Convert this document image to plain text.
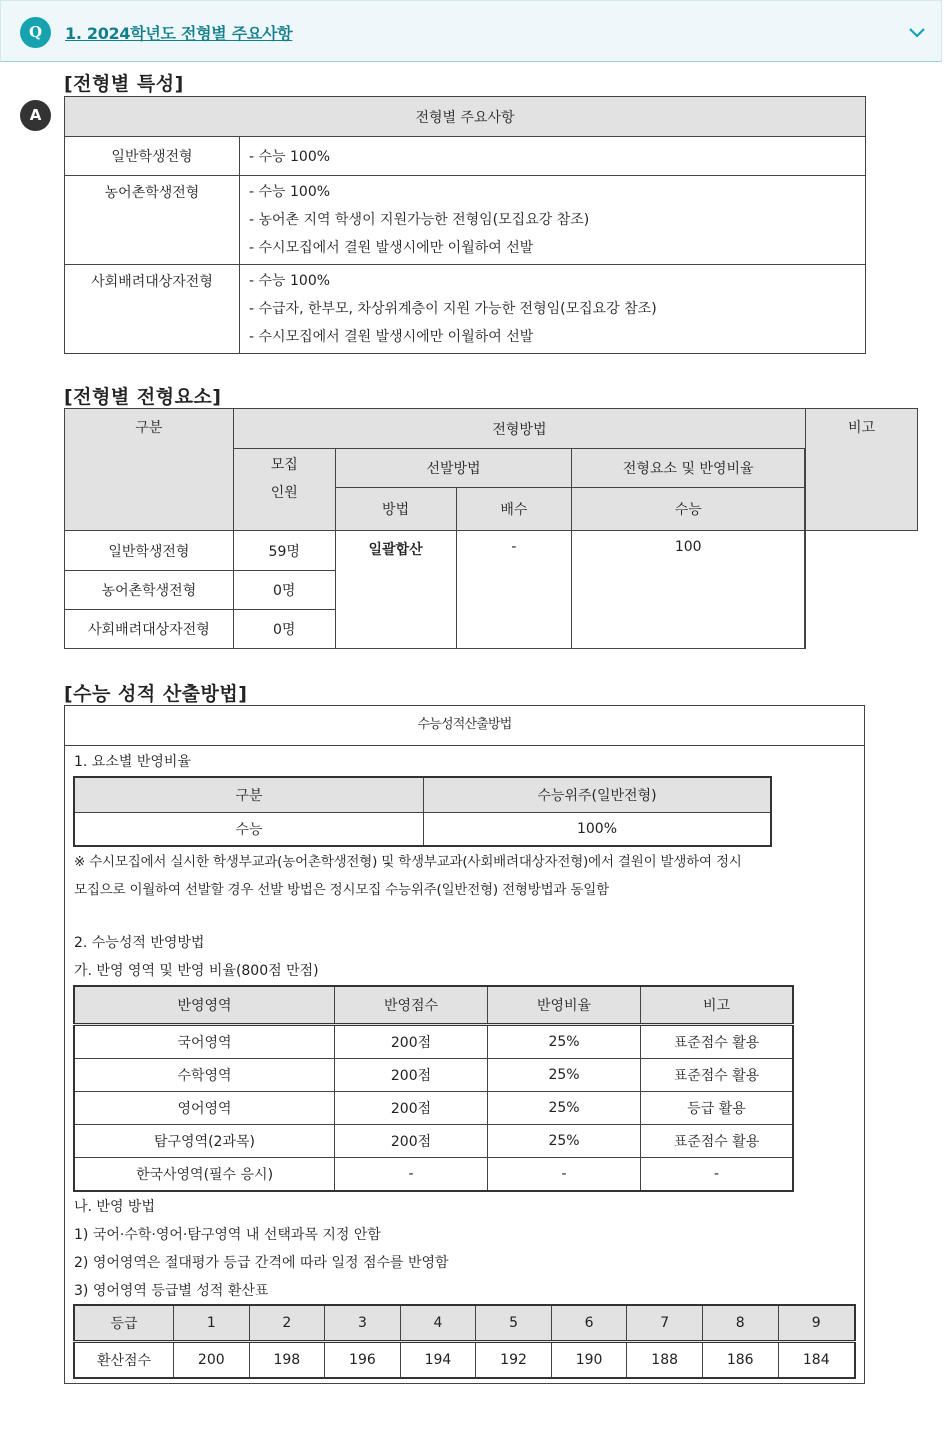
Q	1. 2024학년도 전형별 주요사항
A
[전형별 특성]
전형별 주요사항	
일반학생전형	- 수능 100%
농어촌학생전형	- 수능 100%
- 농어촌 지역 학생이 지원가능한 전형임(모집요강 참조)
- 수시모집에서 결원 발생시에만 이월하여 선발

사회배려대상자전형	- 수능 100%
- 수급자, 한부모, 차상위계층이 지원 가능한 전형임(모집요강 참조)
- 수시모집에서 결원 발생시에만 이월하여 선발
[전형별 전형요소]
구분	전형방법				비고

	모집
인원	선발방법		전형요소 및 반영비율	
		방법	배수	수능	
일반학생전형	59명	일괄합산	-	100	
농어촌학생전형	0명				
사회배려대상자전형	0명				
[수능 성적 산출방법]
수능성적산출방법
1. 요소별 반영비율
구분	수능위주(일반전형)
수능	100%
※ 수시모집에서 실시한 학생부교과(농어촌학생전형) 및 학생부교과(사회배려대상자전형)에서 결원이 발생하여 정시
모집으로 이월하여 선발할 경우 선발 방법은 정시모집 수능위주(일반전형) 전형방법과 동일함
2. 수능성적 반영방법
가. 반영 영역 및 반영 비율(800점 만점)
반영영역	반영점수	반영비율	비고
국어영역	200점	25%	표준점수 활용
수학영역	200점	25%	표준점수 활용
영어영역	200점	25%	등급 활용
탐구영역(2과목)	200점	25%	표준점수 활용
한국사영역(필수 응시)	-	-	-
나. 반영 방법
1) 국어·수학·영어·탐구영역 내 선택과목 지정 안함
2) 영어영역은 절대평가 등급 간격에 따라 일정 점수를 반영함
3) 영어영역 등급별 성적 환산표
등급	1	2	3	4	5	6	7	8	9
환산점수	200	198	196	194	192	190	188	186	184
